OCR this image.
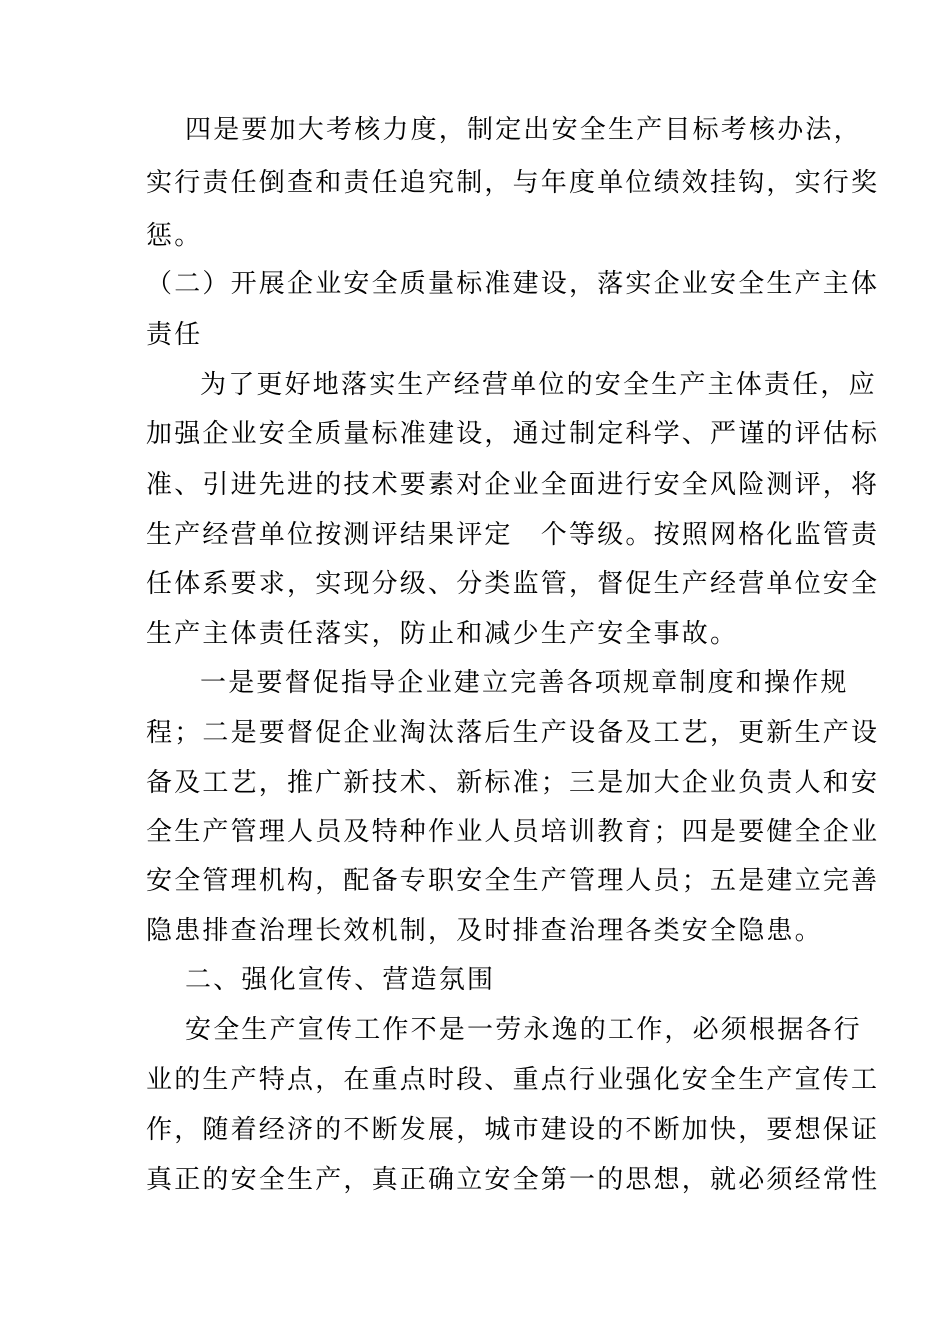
四是要加大考核力度，制定出安全生产目标考核办法，
实行责任倒查和责任追究制，与年度单位绩效挂钩，实行奖
惩。
（二）开展企业安全质量标准建设，落实企业安全生产主体
责任
为了更好地落实生产经营单位的安全生产主体责任，应
加强企业安全质量标准建设，通过制定科学、严谨的评估标
准、引进先进的技术要素对企业全面进行安全风险测评，将
生产经营单位按测评结果评定　个等级。按照网格化监管责
任体系要求，实现分级、分类监管，督促生产经营单位安全
生产主体责任落实，防止和减少生产安全事故。
一是要督促指导企业建立完善各项规章制度和操作规
程；二是要督促企业淘汰落后生产设备及工艺，更新生产设
备及工艺，推广新技术、新标准；三是加大企业负责人和安
全生产管理人员及特种作业人员培训教育；四是要健全企业
安全管理机构，配备专职安全生产管理人员；五是建立完善
隐患排查治理长效机制，及时排查治理各类安全隐患。
二、强化宣传、营造氛围
安全生产宣传工作不是一劳永逸的工作，必须根据各行
业的生产特点，在重点时段、重点行业强化安全生产宣传工
作，随着经济的不断发展，城市建设的不断加快，要想保证
真正的安全生产，真正确立安全第一的思想，就必须经常性
